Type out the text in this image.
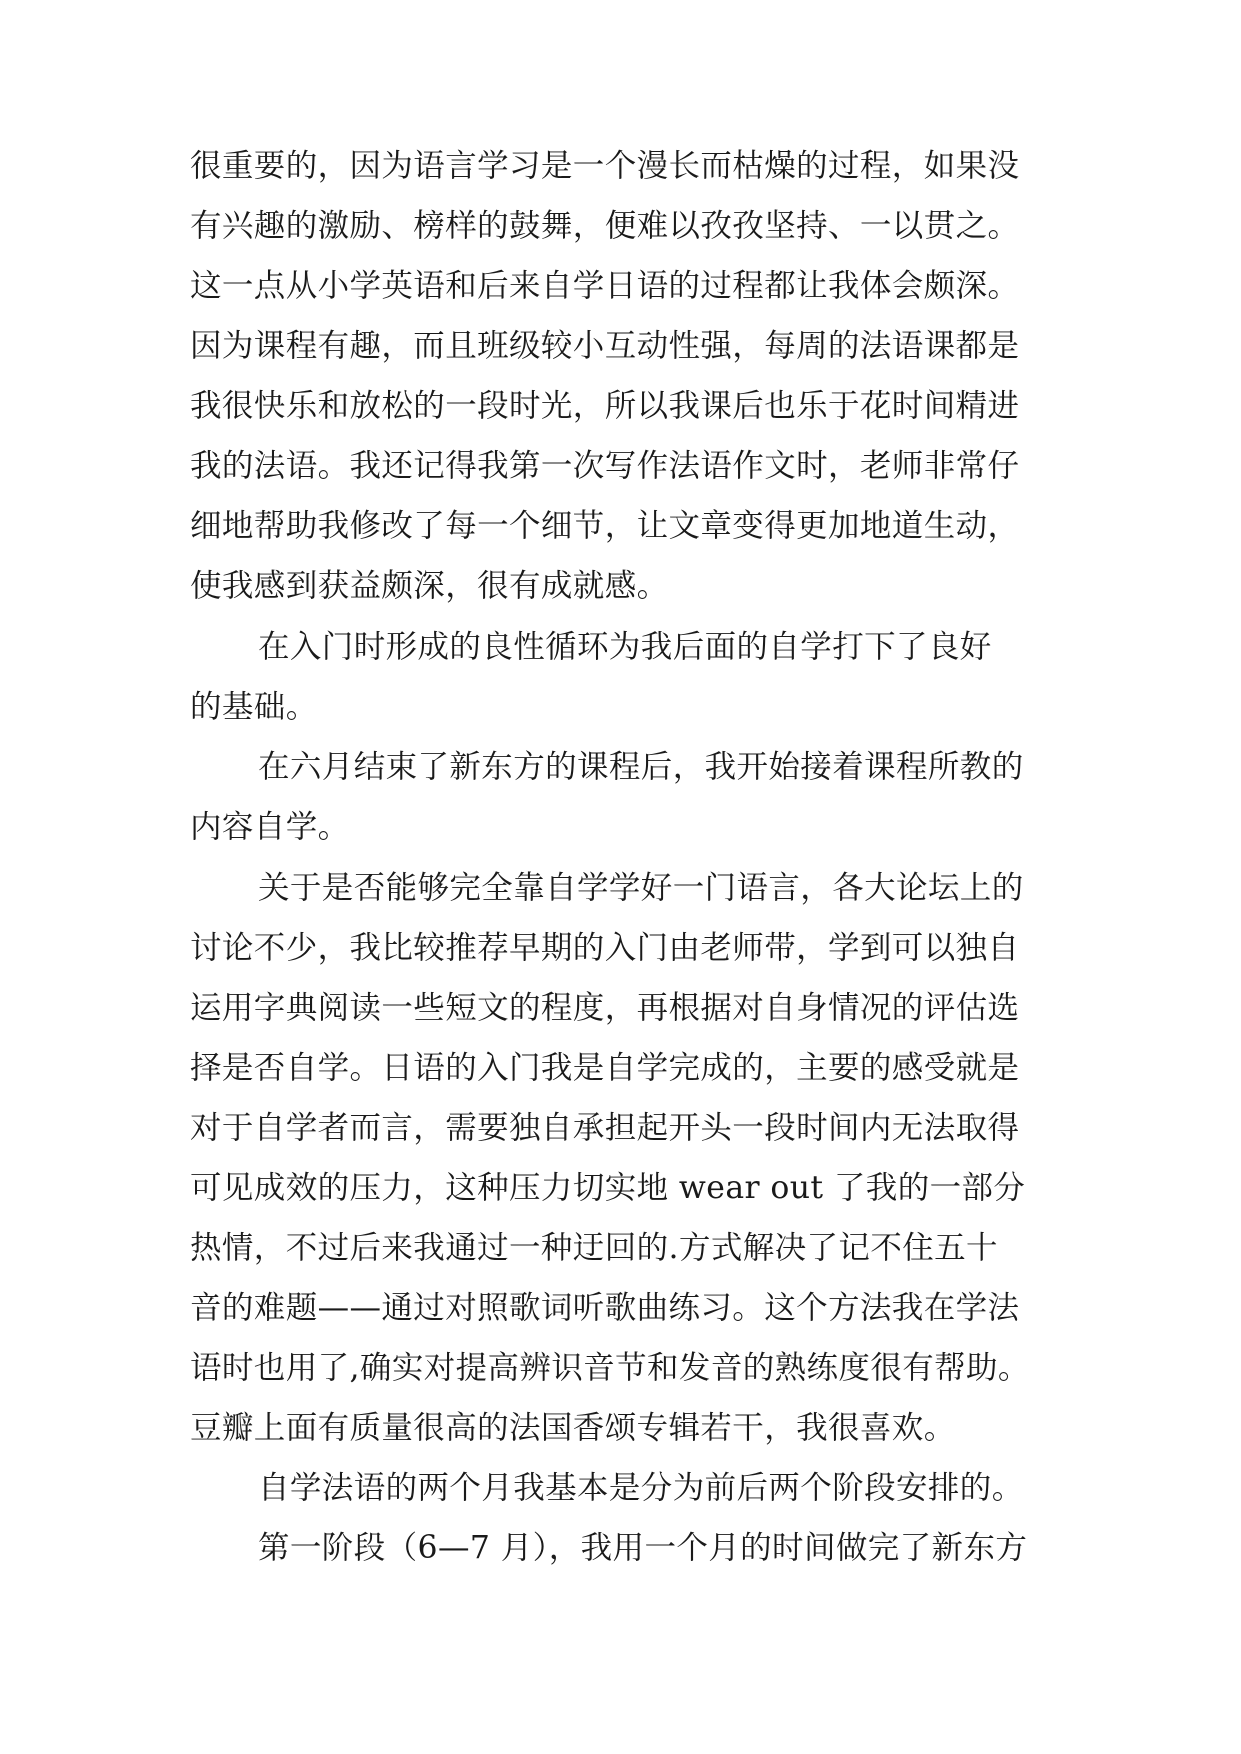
很重要的，因为语言学习是一个漫长而枯燥的过程，如果没
有兴趣的激励、榜样的鼓舞，便难以孜孜坚持、一以贯之。
这一点从小学英语和后来自学日语的过程都让我体会颇深。
因为课程有趣，而且班级较小互动性强，每周的法语课都是
我很快乐和放松的一段时光，所以我课后也乐于花时间精进
我的法语。我还记得我第一次写作法语作文时，老师非常仔
细地帮助我修改了每一个细节，让文章变得更加地道生动，
使我感到获益颇深，很有成就感。
在入门时形成的良性循环为我后面的自学打下了良好
的基础。
在六月结束了新东方的课程后，我开始接着课程所教的
内容自学。
关于是否能够完全靠自学学好一门语言，各大论坛上的
讨论不少，我比较推荐早期的入门由老师带，学到可以独自
运用字典阅读一些短文的程度，再根据对自身情况的评估选
择是否自学。日语的入门我是自学完成的，主要的感受就是
对于自学者而言，需要独自承担起开头一段时间内无法取得
可见成效的压力，这种压力切实地 wear out 了我的一部分
热情，不过后来我通过一种迂回的.方式解决了记不住五十
音的难题——通过对照歌词听歌曲练习。这个方法我在学法
语时也用了,确实对提高辨识音节和发音的熟练度很有帮助。
豆瓣上面有质量很高的法国香颂专辑若干，我很喜欢。
自学法语的两个月我基本是分为前后两个阶段安排的。
第一阶段（6—7 月），我用一个月的时间做完了新东方
